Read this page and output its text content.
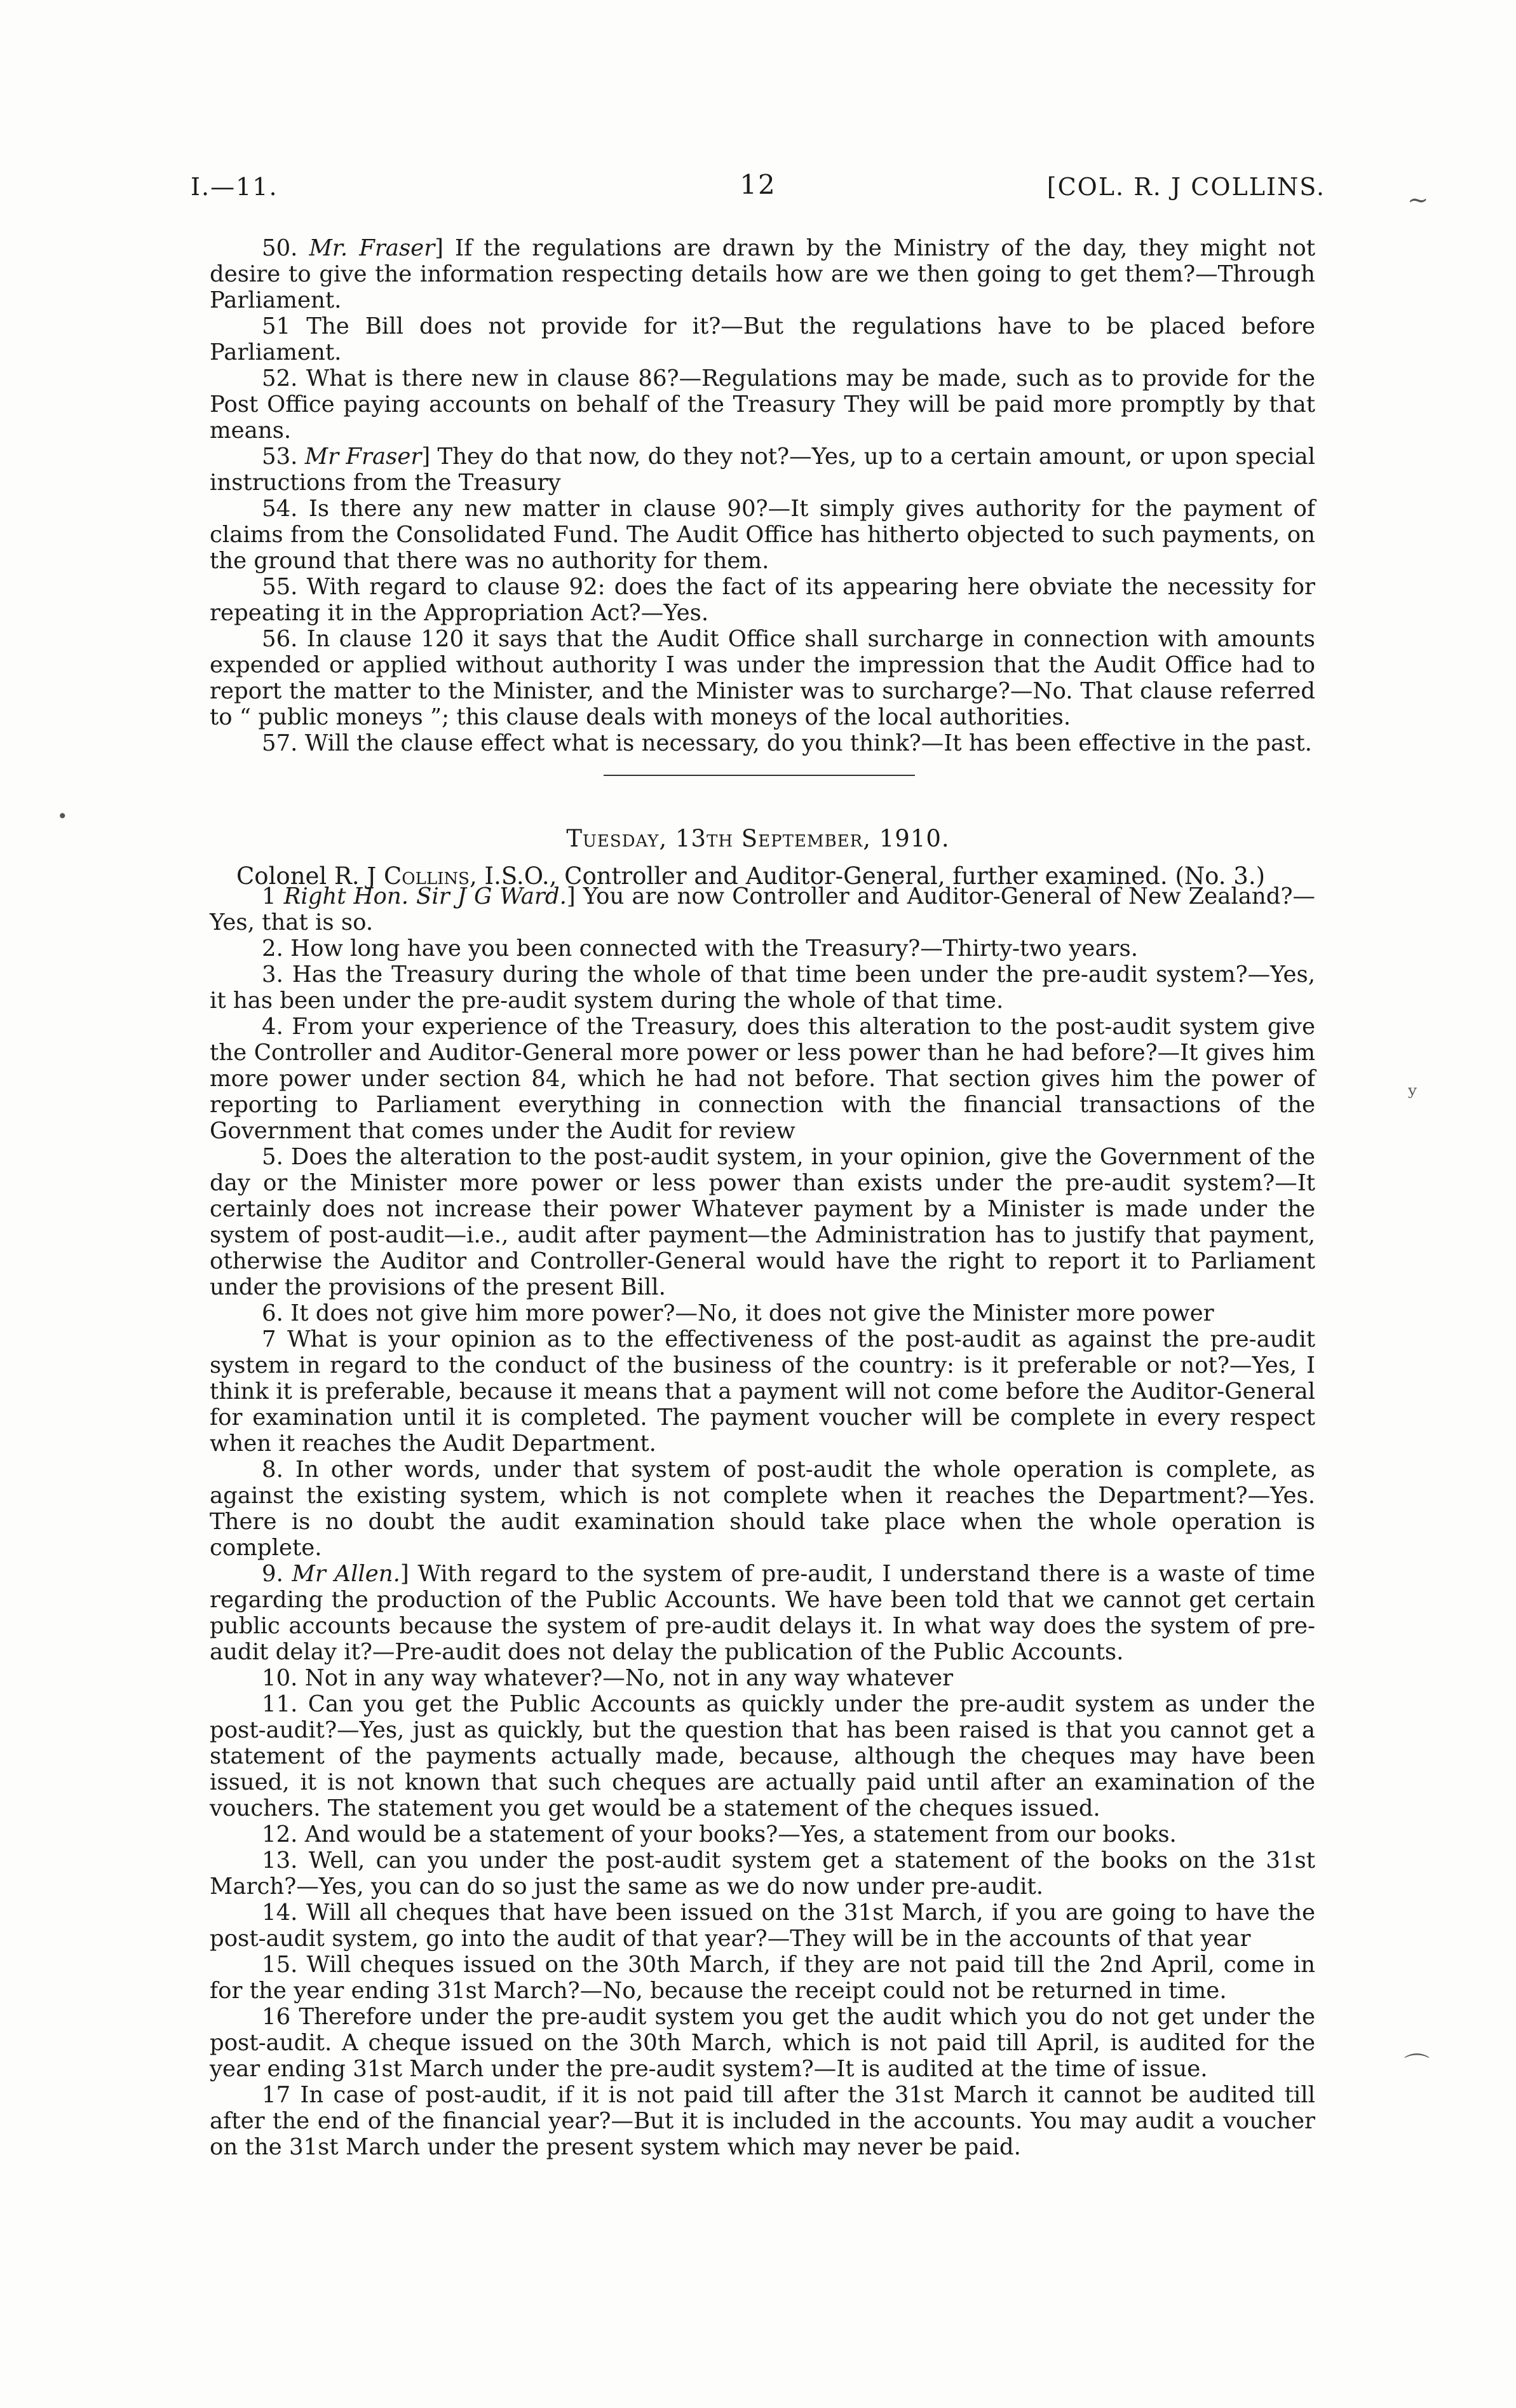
I.—11.	12	[COL. R. J COLLINS.	~
•
ʸ
⌒

50. Mr. Fraser] If the regulations are drawn by the Ministry of the day, they might not desire to give the information respecting details how are we then going to get them?—Through Parliament.

51 The Bill does not provide for it?—But the regulations have to be placed before Parliament.

52. What is there new in clause 86?—Regulations may be made, such as to provide for the Post Office paying accounts on behalf of the Treasury They will be paid more promptly by that means.

53. Mr Fraser] They do that now, do they not?—Yes, up to a certain amount, or upon special instructions from the Treasury

54. Is there any new matter in clause 90?—It simply gives authority for the payment of claims from the Consolidated Fund. The Audit Office has hitherto objected to such payments, on the ground that there was no authority for them.

55. With regard to clause 92: does the fact of its appearing here obviate the necessity for repeating it in the Appropriation Act?—Yes.

56. In clause 120 it says that the Audit Office shall surcharge in connection with amounts expended or applied without authority I was under the impression that the Audit Office had to report the matter to the Minister, and the Minister was to surcharge?—No. That clause referred to “ public moneys ”; this clause deals with moneys of the local authorities.

57. Will the clause effect what is necessary, do you think?—It has been effective in the past.

Tuesday, 13th September, 1910.
Colonel R. J Collins, I.S.O., Controller and Auditor-General, further examined. (No. 3.)

1 Right Hon. Sir J G Ward.] You are now Controller and Auditor-General of New Zealand?—Yes, that is so.

2. How long have you been connected with the Treasury?—Thirty-two years.

3. Has the Treasury during the whole of that time been under the pre-audit system?—Yes, it has been under the pre-audit system during the whole of that time.

4. From your experience of the Treasury, does this alteration to the post-audit system give the Controller and Auditor-General more power or less power than he had before?—It gives him more power under section 84, which he had not before. That section gives him the power of reporting to Parliament everything in connection with the financial transactions of the Government that comes under the Audit for review

5. Does the alteration to the post-audit system, in your opinion, give the Government of the day or the Minister more power or less power than exists under the pre-audit system?—It certainly does not increase their power Whatever payment by a Minister is made under the system of post-audit—i.e., audit after payment—the Administration has to justify that payment, otherwise the Auditor and Controller-General would have the right to report it to Parliament under the provisions of the present Bill.

6. It does not give him more power?—No, it does not give the Minister more power

7 What is your opinion as to the effectiveness of the post-audit as against the pre-audit system in regard to the conduct of the business of the country: is it preferable or not?—Yes, I think it is preferable, because it means that a payment will not come before the Auditor-General for examination until it is completed. The payment voucher will be complete in every respect when it reaches the Audit Department.

8. In other words, under that system of post-audit the whole operation is complete, as against the existing system, which is not complete when it reaches the Department?—Yes. There is no doubt the audit examination should take place when the whole operation is complete.

9. Mr Allen.] With regard to the system of pre-audit, I understand there is a waste of time regarding the production of the Public Accounts. We have been told that we cannot get certain public accounts because the system of pre-audit delays it. In what way does the system of pre-audit delay it?—Pre-audit does not delay the publication of the Public Accounts.

10. Not in any way whatever?—No, not in any way whatever

11. Can you get the Public Accounts as quickly under the pre-audit system as under the post-audit?—Yes, just as quickly, but the question that has been raised is that you cannot get a statement of the payments actually made, because, although the cheques may have been issued, it is not known that such cheques are actually paid until after an examination of the vouchers. The statement you get would be a statement of the cheques issued.

12. And would be a statement of your books?—Yes, a statement from our books.

13. Well, can you under the post-audit system get a statement of the books on the 31st March?—Yes, you can do so just the same as we do now under pre-audit.

14. Will all cheques that have been issued on the 31st March, if you are going to have the post-audit system, go into the audit of that year?—They will be in the accounts of that year

15. Will cheques issued on the 30th March, if they are not paid till the 2nd April, come in for the year ending 31st March?—No, because the receipt could not be returned in time.

16 Therefore under the pre-audit system you get the audit which you do not get under the post-audit. A cheque issued on the 30th March, which is not paid till April, is audited for the year ending 31st March under the pre-audit system?—It is audited at the time of issue.

17 In case of post-audit, if it is not paid till after the 31st March it cannot be audited till after the end of the financial year?—But it is included in the accounts. You may audit a voucher on the 31st March under the present system which may never be paid.
